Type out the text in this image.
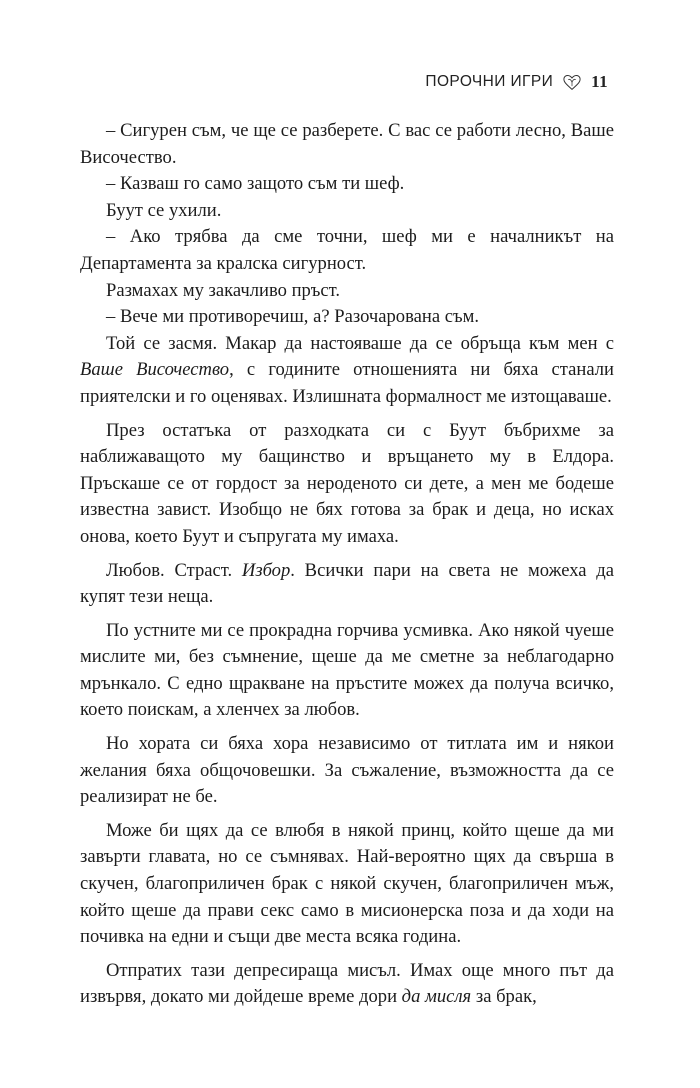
ПОРОЧНИ ИГРИ 11

– Сигурен съм, че ще се разберете. С вас се работи лесно, Ваше Височество.

– Казваш го само защото съм ти шеф.

Буут се ухили.

– Ако трябва да сме точни, шеф ми е началникът на Департамента за кралска сигурност.

Размахах му закачливо пръст.

– Вече ми противоречиш, а? Разочарована съм.

Той се засмя. Макар да настояваше да се обръща към мен с Ваше Височество, с годините отношенията ни бяха станали приятелски и го оценявах. Излишната формалност ме изтощаваше.

През остатъка от разходката си с Буут бъбрихме за наближаващото му бащинство и връщането му в Елдора. Пръскаше се от гордост за нероденото си дете, а мен ме бодеше известна завист. Изобщо не бях готова за брак и деца, но исках онова, което Буут и съпругата му имаха.

Любов. Страст. Избор. Всички пари на света не можеха да купят тези неща.

По устните ми се прокрадна горчива усмивка. Ако някой чуеше мислите ми, без съмнение, щеше да ме сметне за неблагодарно мрънкало. С едно щракване на пръстите можех да получа всичко, което поискам, а хленчех за любов.

Но хората си бяха хора независимо от титлата им и някои желания бяха общочовешки. За съжаление, възможността да се реализират не бе.

Може би щях да се влюбя в някой принц, който щеше да ми завърти главата, но се съмнявах. Най-вероятно щях да свърша в скучен, благоприличен брак с някой скучен, благоприличен мъж, който щеше да прави секс само в мисионерска поза и да ходи на почивка на едни и същи две места всяка година.

Отпратих тази депресираща мисъл. Имах още много път да извървя, докато ми дойдеше време дори да мисля за брак,
